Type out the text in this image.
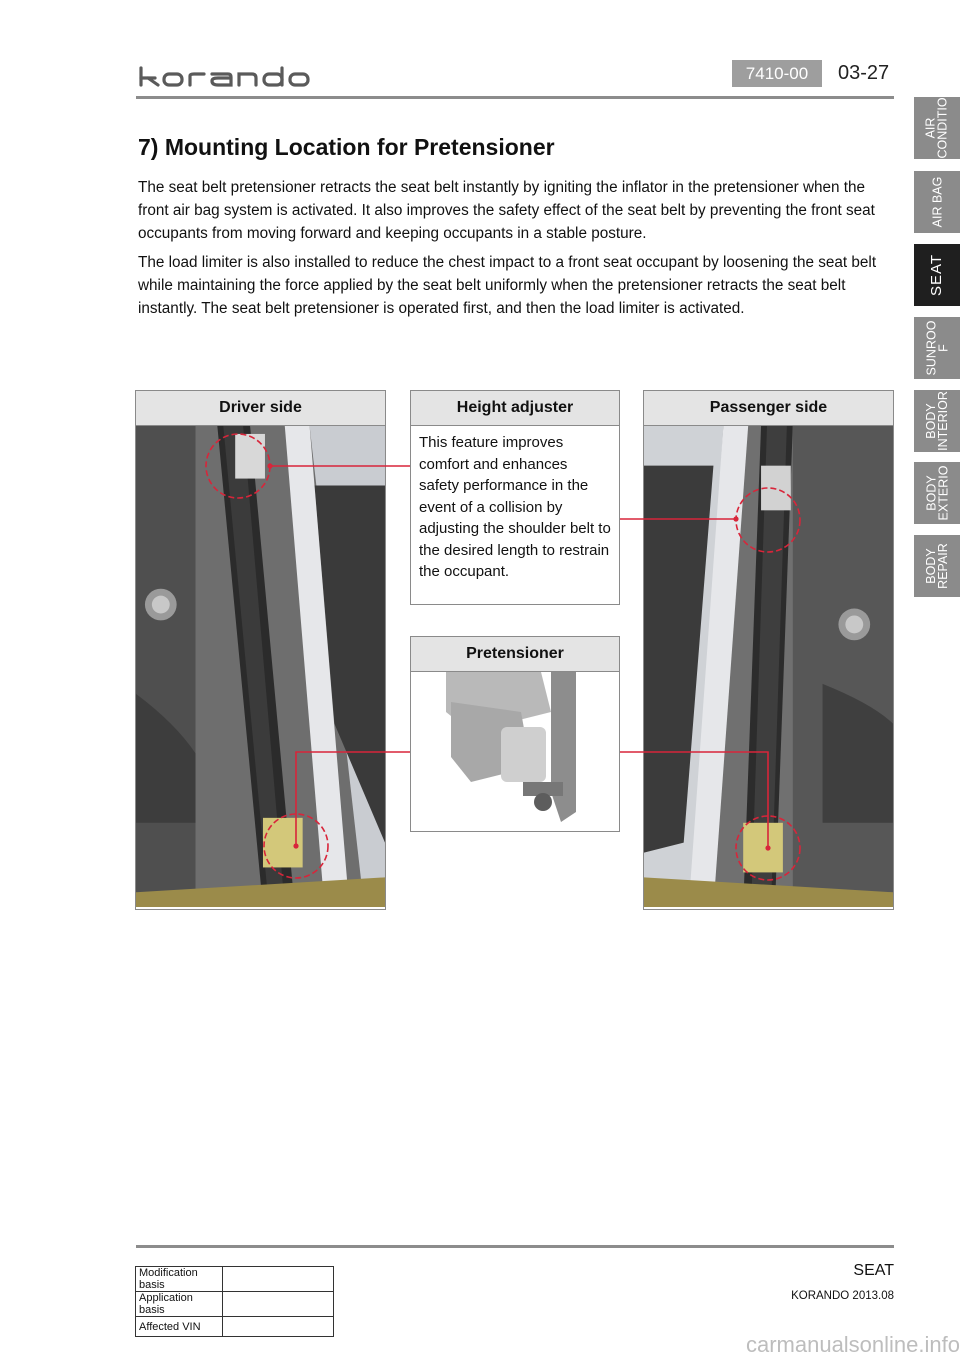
7410-00	03-27
AIR
CONDITIO
AIR BAG
SEAT
SUNROO
F
BODY
INTERIOR
BODY
EXTERIO
BODY
REPAIR
7) Mounting Location for Pretensioner
The seat belt pretensioner retracts the seat belt instantly by igniting the inflator in the pretensioner when the front air bag system is activated. It also improves the safety effect of the seat belt by preventing the front seat occupants from moving forward and keeping occupants in a stable posture.
The load limiter is also installed to reduce the chest impact to a front seat occupant by loosening the seat belt while maintaining the force applied by the seat belt uniformly when the pretensioner retracts the seat belt instantly. The seat belt pretensioner is operated first, and then the load limiter is activated.
Driver side	Height adjuster
This feature improves comfort and enhances safety performance in the event of a collision by adjusting the shoulder belt to the desired length to restrain the occupant.
Pretensioner
Passenger side
Modification basis	
Application basis	
Affected VIN	
SEAT
KORANDO 2013.08
carmanualsonline.info
